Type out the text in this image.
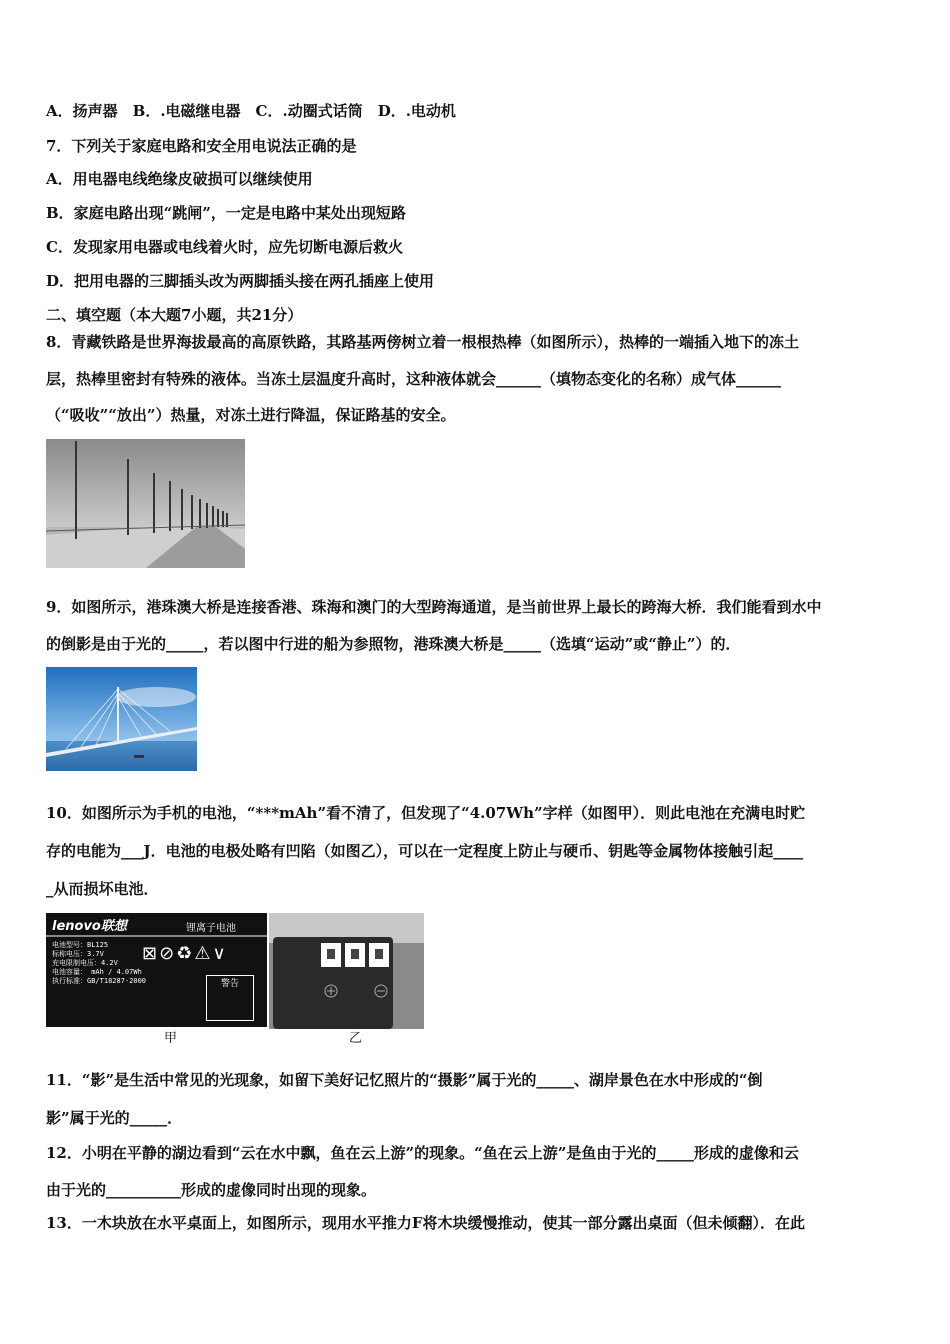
A．扬声器　B．.电磁继电器　C．.动圈式话筒　D．.电动机
7．下列关于家庭电路和安全用电说法正确的是
A．用电器电线绝缘皮破损可以继续使用
B．家庭电路出现“跳闸”，一定是电路中某处出现短路
C．发现家用电器或电线着火时，应先切断电源后救火
D．把用电器的三脚插头改为两脚插头接在两孔插座上使用
二、填空题（本大题7小题，共21分）
8．青藏铁路是世界海拔最高的高原铁路，其路基两傍树立着一根根热棒（如图所示），热棒的一端插入地下的冻土
层，热棒里密封有特殊的液体。当冻土层温度升高时，这种液体就会______（填物态变化的名称）成气体______
（“吸收”“放出”）热量，对冻土进行降温，保证路基的安全。
9．如图所示，港珠澳大桥是连接香港、珠海和澳门的大型跨海通道，是当前世界上最长的跨海大桥．我们能看到水中
的倒影是由于光的_____，若以图中行进的船为参照物，港珠澳大桥是_____（选填“运动”或“静止”）的．
10．如图所示为手机的电池，“***mAh”看不清了，但发现了“4.07Wh”字样（如图甲）．则此电池在充满电时贮
存的电能为___J．电池的电极处略有凹陷（如图乙），可以在一定程度上防止与硬币、钥匙等金属物体接触引起____
_从而损坏电池．
lenovo联想	锂离子电池
电池型号：BL125
标称电压：3.7V
充电限制电压：4.2V
电池容量： mAh / 4.07Wh
执行标准：GB/T18287-2000
⊠⊘♻⚠∨
警告
甲	乙
11．“影”是生活中常见的光现象，如留下美好记忆照片的“摄影”属于光的_____、湖岸景色在水中形成的“倒
影”属于光的_____．
12．小明在平静的湖边看到“云在水中飘，鱼在云上游”的现象。“鱼在云上游”是鱼由于光的_____形成的虚像和云
由于光的__________形成的虚像同时出现的现象。
13．一木块放在水平桌面上，如图所示，现用水平推力F将木块缓慢推动，使其一部分露出桌面（但未倾翻）．在此
